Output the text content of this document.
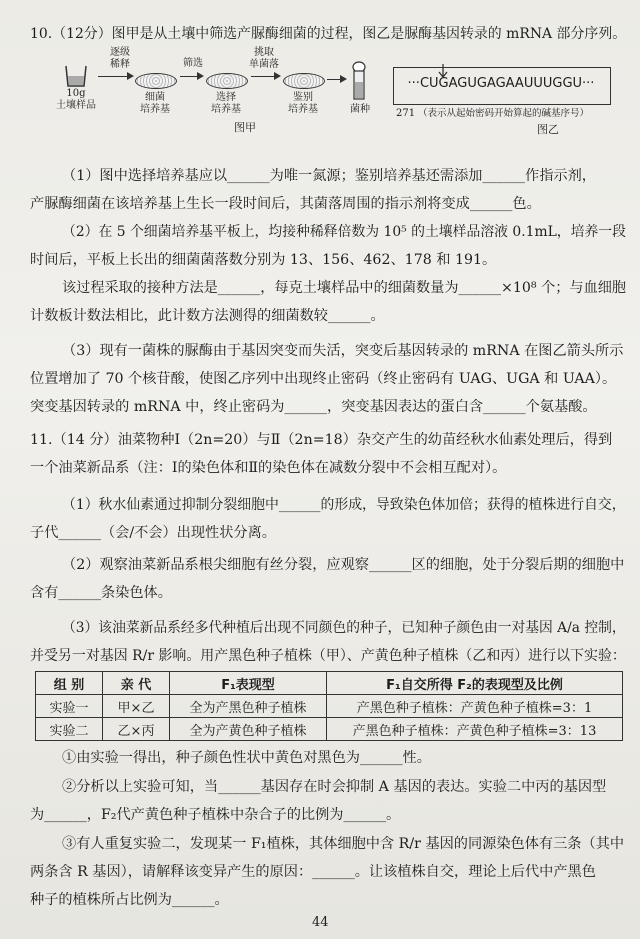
10.（12分）图甲是从土壤中筛选产脲酶细菌的过程，图乙是脲酶基因转录的 mRNA 部分序列。
10g
土壤样品
逐级
稀释
细菌
培养基
筛选
选择
培养基
挑取
单菌落
鉴别
培养基	菌种
图甲
···CUGAGUGAGAAUUUGGU···
271 （表示从起始密码开始算起的碱基序号）
图乙
（1）图中选择培养基应以______为唯一氮源；鉴别培养基还需添加______作指示剂，
产脲酶细菌在该培养基上生长一段时间后，其菌落周围的指示剂将变成______色。
（2）在 5 个细菌培养基平板上，均接种稀释倍数为 10⁵ 的土壤样品溶液 0.1mL，培养一段
时间后，平板上长出的细菌菌落数分别为 13、156、462、178 和 191。
该过程采取的接种方法是______，每克土壤样品中的细菌数量为______×10⁸ 个；与血细胞
计数板计数法相比，此计数方法测得的细菌数较______。
（3）现有一菌株的脲酶由于基因突变而失活，突变后基因转录的 mRNA 在图乙箭头所示
位置增加了 70 个核苷酸，使图乙序列中出现终止密码（终止密码有 UAG、UGA 和 UAA）。
突变基因转录的 mRNA 中，终止密码为______，突变基因表达的蛋白含______个氨基酸。
11.（14 分）油菜物种Ⅰ（2n=20）与Ⅱ（2n=18）杂交产生的幼苗经秋水仙素处理后，得到
一个油菜新品系（注：Ⅰ的染色体和Ⅱ的染色体在减数分裂中不会相互配对）。
（1）秋水仙素通过抑制分裂细胞中______的形成，导致染色体加倍；获得的植株进行自交，
子代______（会/不会）出现性状分离。
（2）观察油菜新品系根尖细胞有丝分裂，应观察______区的细胞，处于分裂后期的细胞中
含有______条染色体。
（3）该油菜新品系经多代种植后出现不同颜色的种子，已知种子颜色由一对基因 A/a 控制，
并受另一对基因 R/r 影响。用产黑色种子植株（甲）、产黄色种子植株（乙和丙）进行以下实验：
组 别	亲 代	F₁表现型	F₁自交所得 F₂的表现型及比例
实验一	甲×乙	全为产黑色种子植株	产黑色种子植株：产黄色种子植株=3：1
实验二	乙×丙	全为产黄色种子植株	产黑色种子植株：产黄色种子植株=3：13
①由实验一得出，种子颜色性状中黄色对黑色为______性。
②分析以上实验可知，当______基因存在时会抑制 A 基因的表达。实验二中丙的基因型
为______，F₂代产黄色种子植株中杂合子的比例为______。
③有人重复实验二，发现某一 F₁植株，其体细胞中含 R/r 基因的同源染色体有三条（其中
两条含 R 基因），请解释该变异产生的原因：______。让该植株自交，理论上后代中产黑色
种子的植株所占比例为______。
44
